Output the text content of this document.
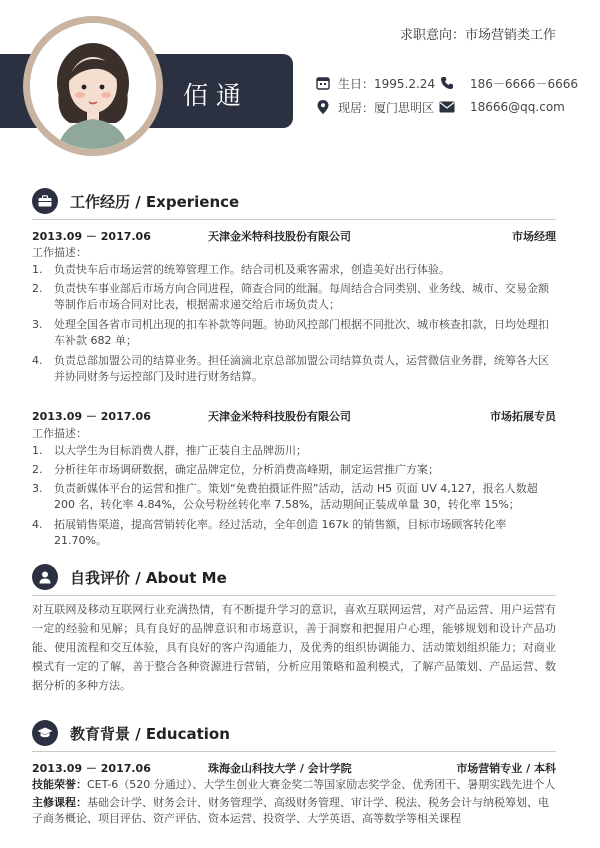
求职意向：市场营销类工作
佰通	生日：1995.2.24
现居：厦门思明区
186－6666－6666
18666@qq.com
工作经历 / Experience
2013.09 － 2017.06	天津金米特科技股份有限公司	市场经理
工作描述：
1. 负责快车后市场运营的统筹管理工作。结合司机及乘客需求，创造美好出行体验。
2. 负责快车事业部后市场方向合同进程，筛查合同的纰漏。每周结合合同类别、业务线、城市、交易金额等制作后市场合同对比表，根据需求递交给后市场负责人；
3. 处理全国各省市司机出现的扣车补款等问题。协助风控部门根据不同批次、城市核查扣款，日均处理扣车补款 682 单；
4. 负责总部加盟公司的结算业务。担任滴滴北京总部加盟公司结算负责人，运营微信业务群，统筹各大区并协同财务与运控部门及时进行财务结算。
2013.09 － 2017.06	天津金米特科技股份有限公司	市场拓展专员
工作描述：
1. 以大学生为目标消费人群，推广正装自主品牌沥川；
2. 分析往年市场调研数据，确定品牌定位，分析消费高峰期，制定运营推广方案；
3. 负责新媒体平台的运营和推广。策划“免费拍摄证件照”活动，活动 H5 页面 UV 4,127，报名人数超 200 名，转化率 4.84%，公众号粉丝转化率 7.58%，活动期间正装成单量 30，转化率 15%；
4. 拓展销售渠道，提高营销转化率。经过活动，全年创造 167k 的销售额，目标市场顾客转化率 21.70%。
自我评价 / About Me
对互联网及移动互联网行业充满热情，有不断提升学习的意识，喜欢互联网运营，对产品运营、用户运营有一定的经验和见解；具有良好的品牌意识和市场意识，善于洞察和把握用户心理，能够规划和设计产品功能、使用流程和交互体验，具有良好的客户沟通能力，及优秀的组织协调能力、活动策划组织能力；对商业模式有一定的了解，善于整合各种资源进行营销，分析应用策略和盈利模式，了解产品策划、产品运营、数据分析的多种方法。
教育背景 / Education
2013.09 － 2017.06	珠海金山科技大学 / 会计学院	市场营销专业 / 本科
技能荣誉：CET-6（520 分通过）、大学生创业大赛金奖二等国家励志奖学金、优秀团干、暑期实践先进个人
主修课程：基础会计学、财务会计、财务管理学、高级财务管理、审计学、税法、税务会计与纳税筹划、电子商务概论、项目评估、资产评估、资本运营、投资学、大学英语、高等数学等相关课程
